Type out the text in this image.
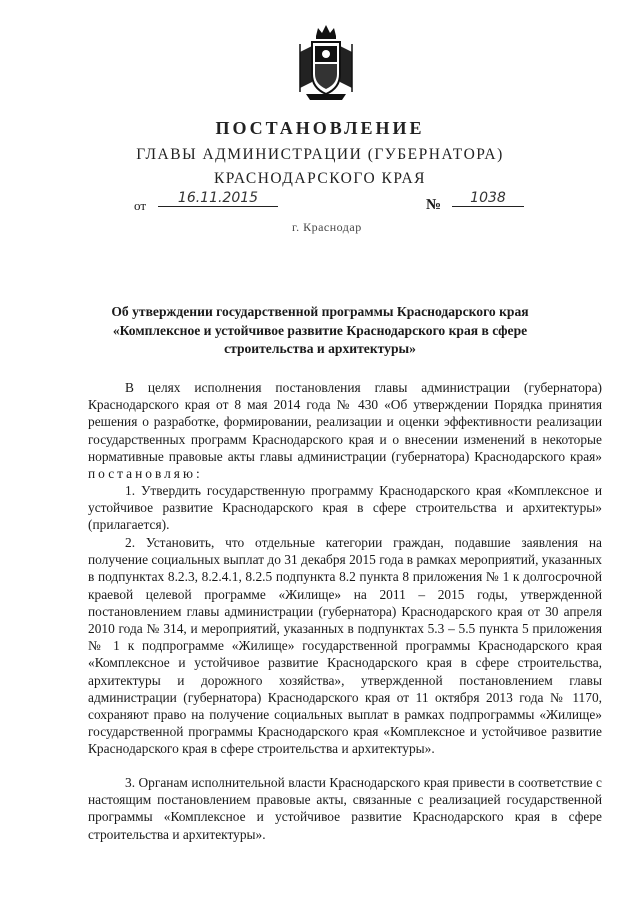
ПОСТАНОВЛЕНИЕ
ГЛАВЫ АДМИНИСТРАЦИИ (ГУБЕРНАТОРА)
КРАСНОДАРСКОГО КРАЯ
от	16.11.2015	№	1038
г. Краснодар
Об утверждении государственной программы Краснодарского края «Комплексное и устойчивое развитие Краснодарского края в сфере строительства и архитектуры»

В целях исполнения постановления главы администрации (губернатора) Краснодарского края от 8 мая 2014 года № 430 «Об утверждении Порядка принятия решения о разработке, формировании, реализации и оценки эффективности реализации государственных программ Краснодарского края и о внесении изменений в некоторые нормативные правовые акты главы администрации (губернатора) Краснодарского края» постановляю:

1. Утвердить государственную программу Краснодарского края «Комплексное и устойчивое развитие Краснодарского края в сфере строительства и архитектуры» (прилагается).

2. Установить, что отдельные категории граждан, подавшие заявления на получение социальных выплат до 31 декабря 2015 года в рамках мероприятий, указанных в подпунктах 8.2.3, 8.2.4.1, 8.2.5 подпункта 8.2 пункта 8 приложения № 1 к долгосрочной краевой целевой программе «Жилище» на 2011 – 2015 годы, утвержденной постановлением главы администрации (губернатора) Краснодарского края от 30 апреля 2010 года № 314, и мероприятий, указанных в подпунктах 5.3 – 5.5 пункта 5 приложения № 1 к подпрограмме «Жилище» государственной программы Краснодарского края «Комплексное и устойчивое развитие Краснодарского края в сфере строительства, архитектуры и дорожного хозяйства», утвержденной постановлением главы администрации (губернатора) Краснодарского края от 11 октября 2013 года № 1170, сохраняют право на получение социальных выплат в рамках подпрограммы «Жилище» государственной программы Краснодарского края «Комплексное и устойчивое развитие Краснодарского края в сфере строительства и архитектуры».

3. Органам исполнительной власти Краснодарского края привести в соответствие с настоящим постановлением правовые акты, связанные с реализацией государственной программы «Комплексное и устойчивое развитие Краснодарского края в сфере строительства и архитектуры».
